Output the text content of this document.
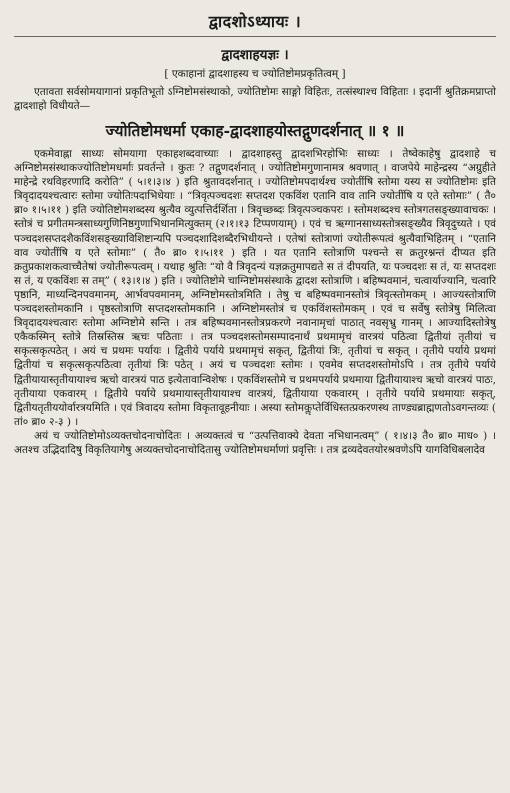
द्वादशोऽध्यायः ।
द्वादशाहयज्ञः ।
[ एकाहानां द्वादशाहस्य च ज्योतिष्टोमप्रकृतित्वम् ]

एतावता सर्वसोमयागानां प्रकृतिभूतो ऽग्निष्टोमसंस्थाको, ज्योतिष्टोमः साङ्गो विहितः, तत्संस्थाश्च विहिताः । इदानीं श्रुतिक्रमप्राप्तो द्वादशाहो विधीयते—

ज्योतिष्टोमधर्मा एकाह-द्वादशाहयोस्तद्गुणदर्शनात् ॥ १ ॥

एकमेवाह्ना साध्यः सोमयागा एकाहशब्दवाच्याः । द्वादशाहस्तु द्वादशभिरहोभिः साध्यः । तेष्वेकाहेषु द्वादशाहे च अग्निष्टोमसंस्थाकज्योतिष्टोमधर्माः प्रवर्तन्ते । कुतः ? तद्गुणदर्शनात् । ज्योतिष्टोमगुणानामत्र श्रवणात् । वाजपेये माहेन्द्रस्य “अग्रुहीते माहेन्द्रे रथविहरणादि करोति” ( ५।१।३।४ ) इति श्रुतावदर्शनात् । ज्योतिष्टोमपदार्थश्च ज्योतींषि स्तोमा यस्य स ज्योतिष्टोमः इति त्रिवृदादयश्चत्वारः स्तोमा ज्योतिःपदाभिधेयाः । “त्रिवृत्पञ्चदशः सप्तदश एकविंश एतानि वाव तानि ज्योतींषि य एते स्तोमाः” ( तै० ब्रा० १।५।११ ) इति ज्योतिष्टोमशब्दस्य श्रुत्यैव व्युत्पत्तिर्दर्शिता । त्रिवृच्छब्दः त्रिवृत्पञ्चकपरः । स्तोमशब्दश्च स्तोत्रगतसङ्ख्यावाचकः । स्तोत्रं च प्रगीतमन्त्रसाध्यगुणिनिष्ठगुणाभिधानमित्युक्तम् (२।१।१३ टिप्पणयाम्) । एवं च ऋग्गानसाध्यस्तोत्रसङ्ख्यैव त्रिवृदुच्यते । एवं पञ्चदशसप्तदशैकविंशसङ्ख्याविशिष्टान्यपि पञ्चदशादिशब्दैरभिधीयन्ते । एतेषां स्तोत्राणां ज्योतीरूपत्वं श्रुत्यैवाभिहितम् । “एतानि वाव ज्योतींषि य एते स्तोमाः” ( तै० ब्रा० १।५।११ ) इति । यत एतानि स्तोत्राणि पश्चन्ते स क्रतुरश्नन्तं दीप्यत इति क्रतुप्रकाशकत्वाच्चैतेषां ज्योतीरूपत्वम् । यथाह श्रुतिः “यो वै त्रिवृदन्यं यज्ञक्रतुमापद्यते स तं दीपयति, यः पञ्चदशः स तं, यः सप्तदशः स तं, य एकविंशः स तम्” ( १३।१।४ ) इति । ज्योतिष्टोमे चाग्निष्टोमसंस्थाके द्वादश स्तोत्राणि । बहिष्पवमानं, चत्वार्याज्यानि, चत्वारि पृष्ठानि, माध्यन्दिनपवमानम्, आर्भवपवमानम्, अग्निष्टोमस्तोत्रमिति । तेषु च बहिष्पवमानस्तोत्रं त्रिवृत्स्तोमकम् । आज्यस्तोत्राणि पञ्चदशस्तोमकानि । पृष्ठस्तोत्राणि सप्तदशस्तोमकानि । अग्निष्टोमस्तोत्रं च एकविंशस्तोमकम् । एवं च सर्वेषु स्तोत्रेषु मिलित्वा त्रिवृदादयश्चत्वारः स्तोमा अग्निष्टोमे सन्ति । तत्र बहिष्पवमानस्तोत्रप्रकरणे नवानामृचां पाठात् नवसृभ्रु गानम् । आज्यादिस्तोत्रेषु एकैकस्मिन् स्तोत्रे तिस्रस्तिस्र ऋचः पठिताः । तत्र पञ्चदशस्तोमसम्पादनार्थं प्रथमामृचं वारत्रयं पठित्वा द्वितीयां तृतीयां च सकृत्सकृत्पठेत् । अयं च प्रथमः पर्यायः । द्वितीये पर्याये प्रथमामृचं सकृत्, द्वितीयां त्रिः, तृतीयां च सकृत् । तृतीये पर्याये प्रथमां द्वितीयां च सकृत्सकृत्पठित्वा तृतीयां त्रिः पठेत् । अयं च पञ्चदशः स्तोमः । एवमेव सप्तदशस्तोमोऽपि । तत्र तृतीये पर्याये द्वितीयायास्तृतीयायाश्च ऋचो वारत्रयं पाठ इत्येतावान्विशेषः । एकविंशस्तोमे च प्रथमपर्याये प्रथमाया द्वितीयायाश्च ऋचो वारत्रयं पाठः, तृतीयाया एकवारम् । द्वितीये पर्याये प्रथमायास्तृतीयायाश्च वारत्रयं, द्वितीयाया एकवारम् । तृतीये पर्याये प्रथमायाः सकृत्, द्वितीयतृतीययोर्वारत्रयमिति । एवं त्रिवादय स्तोमा विकृतावूहनीयाः । अस्या स्तोमकॢप्तेर्विधिस्तत्प्रकरणस्थ ताण्ड्यब्राह्मणतोऽवगन्तव्यः ( तां० ब्रा० २-३ ) ।

अयं च ज्योतिष्टोमोऽव्यक्तचोदनाचोदितः । अव्यक्तत्वं च “उत्पत्तिवाक्ये देवता नभिधानत्वम्” ( १।४।३ तै० ब्रा० माध० ) । अतश्च उद्भिदादिषु विकृतियागेषु अव्यक्तचोदनाचोदितासु ज्योतिष्टोमधर्माणां प्रवृत्तिः । तत्र द्रव्यदेवतयोरश्रवणेऽपि यागविधिबलादेव
